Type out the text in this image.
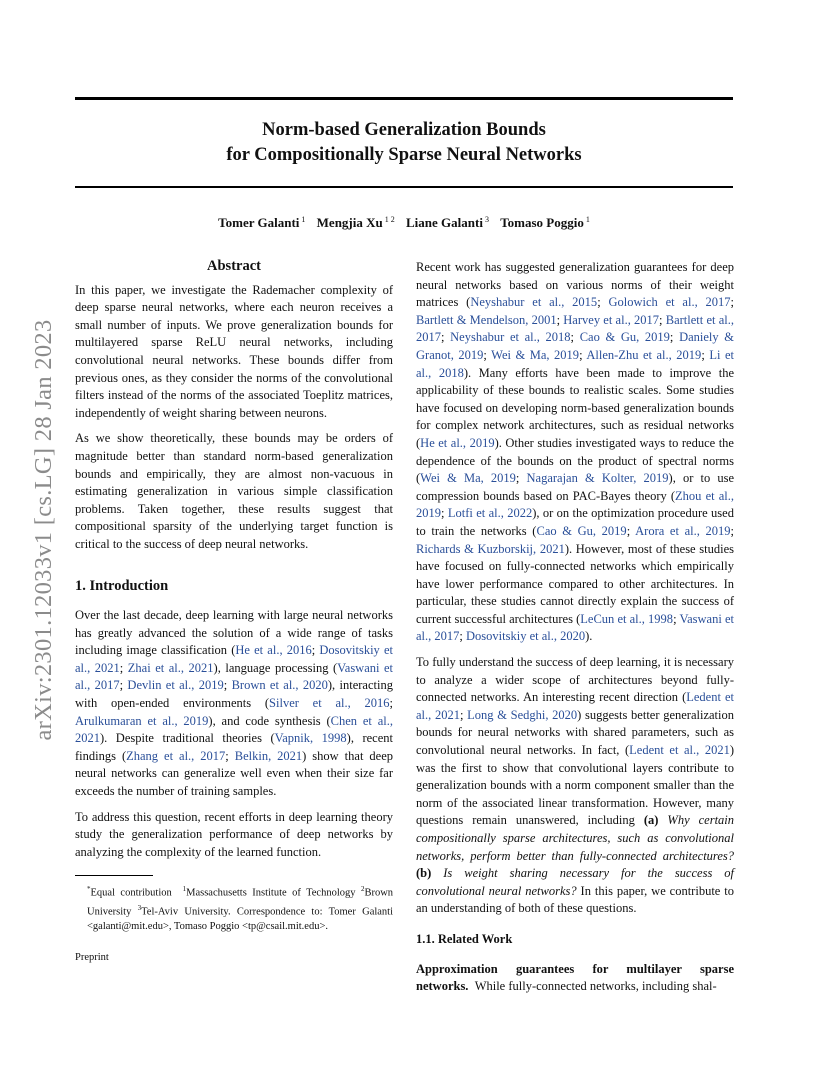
Norm-based Generalization Bounds
for Compositionally Sparse Neural Networks
Tomer Galanti $^1$ Mengjia Xu $^{1 2}$ Liane Galanti $^3$ Tomaso Poggio $^1$
arXiv:2301.12033v1 [cs.LG] 28 Jan 2023
Abstract

In this paper, we investigate the Rademacher complexity of deep sparse neural networks, where each neuron receives a small number of inputs. We prove generalization bounds for multilayered sparse ReLU neural networks, including convolutional neural networks. These bounds differ from previous ones, as they consider the norms of the convolutional filters instead of the norms of the associated Toeplitz matrices, independently of weight sharing between neurons.

As we show theoretically, these bounds may be orders of magnitude better than standard norm-based generalization bounds and empirically, they are almost non-vacuous in estimating generalization in various simple classification problems. Taken together, these results suggest that compositional sparsity of the underlying target function is critical to the success of deep neural networks.

1. Introduction

Over the last decade, deep learning with large neural networks has greatly advanced the solution of a wide range of tasks including image classification (He et al., 2016; Dosovitskiy et al., 2021; Zhai et al., 2021), language processing (Vaswani et al., 2017; Devlin et al., 2019; Brown et al., 2020), interacting with open-ended environments (Silver et al., 2016; Arulkumaran et al., 2019), and code synthesis (Chen et al., 2021). Despite traditional theories (Vapnik, 1998), recent findings (Zhang et al., 2017; Belkin, 2021) show that deep neural networks can generalize well even when their size far exceeds the number of training samples.

To address this question, recent efforts in deep learning theory study the generalization performance of deep networks by analyzing the complexity of the learned function.

*Equal contribution $^1$Massachusetts Institute of Technology $^2$Brown University $^3$Tel-Aviv University. Correspondence to: Tomer Galanti <galanti@mit.edu>, Tomaso Poggio <tp@csail.mit.edu>.

Preprint

Recent work has suggested generalization guarantees for deep neural networks based on various norms of their weight matrices (Neyshabur et al., 2015; Golowich et al., 2017; Bartlett & Mendelson, 2001; Harvey et al., 2017; Bartlett et al., 2017; Neyshabur et al., 2018; Cao & Gu, 2019; Daniely & Granot, 2019; Wei & Ma, 2019; Allen-Zhu et al., 2019; Li et al., 2018). Many efforts have been made to improve the applicability of these bounds to realistic scales. Some studies have focused on developing norm-based generalization bounds for complex network architectures, such as residual networks (He et al., 2019). Other studies investigated ways to reduce the dependence of the bounds on the product of spectral norms (Wei & Ma, 2019; Nagarajan & Kolter, 2019), or to use compression bounds based on PAC-Bayes theory (Zhou et al., 2019; Lotfi et al., 2022), or on the optimization procedure used to train the networks (Cao & Gu, 2019; Arora et al., 2019; Richards & Kuzborskij, 2021). However, most of these studies have focused on fully-connected networks which empirically have lower performance compared to other architectures. In particular, these studies cannot directly explain the success of current successful architectures (LeCun et al., 1998; Vaswani et al., 2017; Dosovitskiy et al., 2020).

To fully understand the success of deep learning, it is necessary to analyze a wider scope of architectures beyond fully-connected networks. An interesting recent direction (Ledent et al., 2021; Long & Sedghi, 2020) suggests better generalization bounds for neural networks with shared parameters, such as convolutional neural networks. In fact, (Ledent et al., 2021) was the first to show that convolutional layers contribute to generalization bounds with a norm component smaller than the norm of the associated linear transformation. However, many questions remain unanswered, including (a) Why certain compositionally sparse architectures, such as convolutional networks, perform better than fully-connected architectures? (b) Is weight sharing necessary for the success of convolutional neural networks? In this paper, we contribute to an understanding of both of these questions.

1.1. Related Work

Approximation guarantees for multilayer sparse networks. While fully-connected networks, including shal-
